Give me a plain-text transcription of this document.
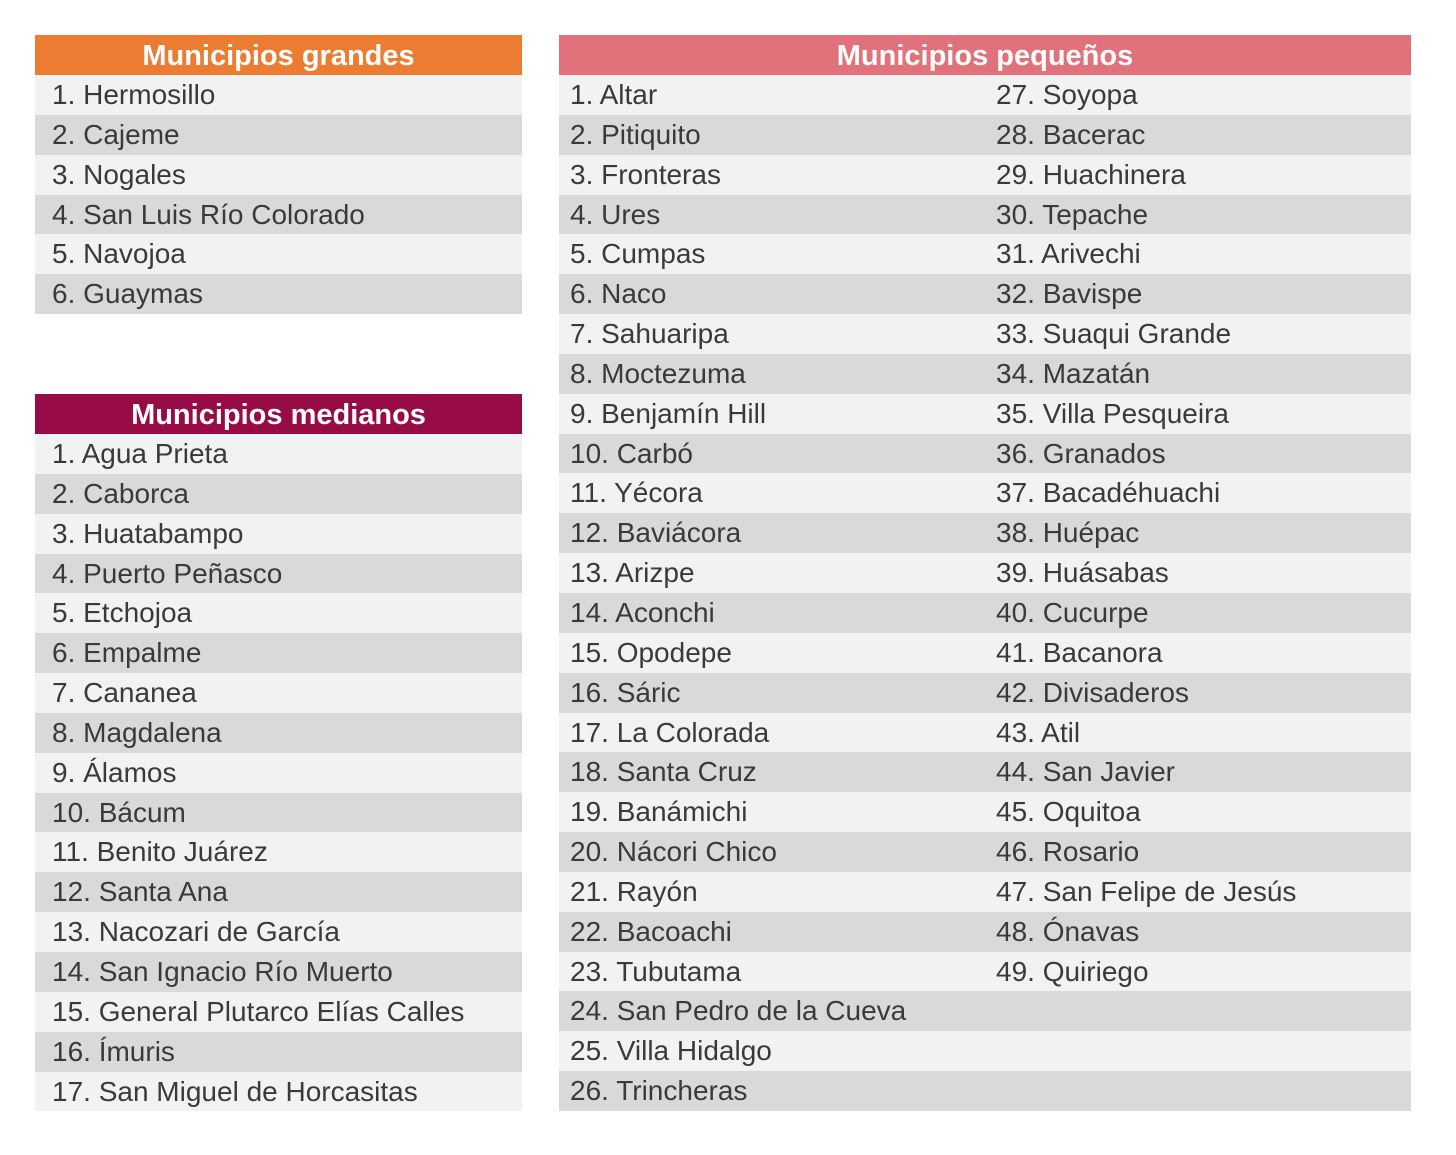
Municipios grandes
1. Hermosillo
2. Cajeme
3. Nogales
4. San Luis Río Colorado
5. Navojoa
6. Guaymas
Municipios medianos
1. Agua Prieta
2. Caborca
3. Huatabampo
4. Puerto Peñasco
5. Etchojoa
6. Empalme
7. Cananea
8. Magdalena
9. Álamos
10. Bácum
11. Benito Juárez
12. Santa Ana
13. Nacozari de García
14. San Ignacio Río Muerto
15. General Plutarco Elías Calles
16. Ímuris
17. San Miguel de Horcasitas
Municipios pequeños
1. Altar	27. Soyopa
2. Pitiquito	28. Bacerac
3. Fronteras	29. Huachinera
4. Ures	30. Tepache
5. Cumpas	31. Arivechi
6. Naco	32. Bavispe
7. Sahuaripa	33. Suaqui Grande
8. Moctezuma	34. Mazatán
9. Benjamín Hill	35. Villa Pesqueira
10. Carbó	36. Granados
11. Yécora	37. Bacadéhuachi
12. Baviácora	38. Huépac
13. Arizpe	39. Huásabas
14. Aconchi	40. Cucurpe
15. Opodepe	41. Bacanora
16. Sáric	42. Divisaderos
17. La Colorada	43. Atil
18. Santa Cruz	44. San Javier
19. Banámichi	45. Oquitoa
20. Nácori Chico	46. Rosario
21. Rayón	47. San Felipe de Jesús
22. Bacoachi	48. Ónavas
23. Tubutama	49. Quiriego
24. San Pedro de la Cueva
25. Villa Hidalgo
26. Trincheras
